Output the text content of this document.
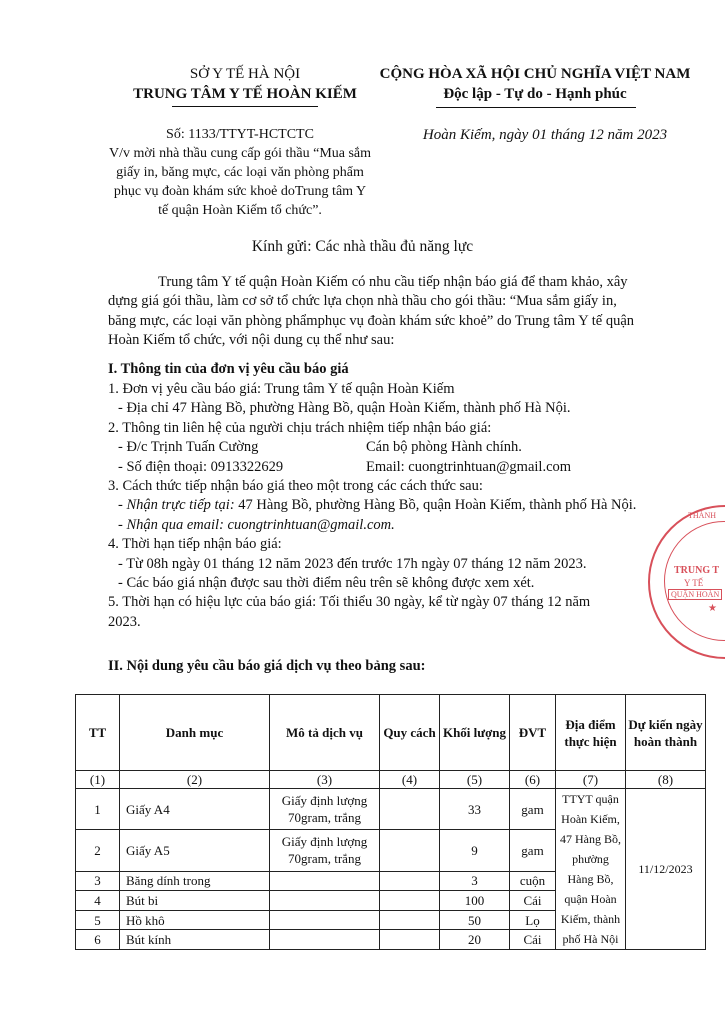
SỞ Y TẾ HÀ NỘI
TRUNG TÂM Y TẾ HOÀN KIẾM
CỘNG HÒA XÃ HỘI CHỦ NGHĨA VIỆT NAM
Độc lập - Tự do - Hạnh phúc
Số: 1133/TTYT-HCTCTC
V/v mời nhà thầu cung cấp gói thầu “Mua sắm
giấy in, băng mực, các loại văn phòng phẩm
phục vụ đoàn khám sức khoẻ doTrung tâm Y
tế quận Hoàn Kiếm tổ chức”.
Hoàn Kiếm, ngày 01 tháng 12 năm 2023
Kính gửi: Các nhà thầu đủ năng lực
Trung tâm Y tế quận Hoàn Kiếm có nhu cầu tiếp nhận báo giá để tham khảo, xây
dựng giá gói thầu, làm cơ sở tổ chức lựa chọn nhà thầu cho gói thầu: “Mua sắm giấy in,
băng mực, các loại văn phòng phẩmphục vụ đoàn khám sức khoẻ” do Trung tâm Y tế quận
Hoàn Kiếm tổ chức, với nội dung cụ thể như sau:
I. Thông tin của đơn vị yêu cầu báo giá
1. Đơn vị yêu cầu báo giá: Trung tâm Y tế quận Hoàn Kiếm
- Địa chỉ 47 Hàng Bồ, phường Hàng Bồ, quận Hoàn Kiếm, thành phố Hà Nội.
2. Thông tin liên hệ của người chịu trách nhiệm tiếp nhận báo giá:
- Đ/c Trịnh Tuấn Cường	Cán bộ phòng Hành chính.
- Số điện thoại: 0913322629	Email: cuongtrinhtuan@gmail.com
3. Cách thức tiếp nhận báo giá theo một trong các cách thức sau:
- Nhận trực tiếp tại: 47 Hàng Bồ, phường Hàng Bồ, quận Hoàn Kiếm, thành phố Hà Nội.
- Nhận qua email: cuongtrinhtuan@gmail.com.
4. Thời hạn tiếp nhận báo giá:
- Từ 08h ngày 01 tháng 12 năm 2023 đến trước 17h ngày 07 tháng 12 năm 2023.
- Các báo giá nhận được sau thời điểm nêu trên sẽ không được xem xét.
5. Thời hạn có hiệu lực của báo giá: Tối thiểu 30 ngày, kể từ ngày 07 tháng 12 năm
2023.
II. Nội dung yêu cầu báo giá dịch vụ theo bảng sau:
TT	Danh mục	Mô tả dịch vụ	Quy cách	Khối lượng	ĐVT	Địa điểm thực hiện	Dự kiến ngày hoàn thành
(1)	(2)	(3)	(4)	(5)	(6)	(7)	(8)
1	Giấy A4	Giấy định lượng 70gram, trắng		33	gam	TTYT quận Hoàn Kiếm, 47 Hàng Bồ, phường Hàng Bồ, quận Hoàn Kiếm, thành phố Hà Nội	11/12/2023
2	Giấy A5	Giấy định lượng 70gram, trắng		9	gam		
3	Băng dính trong			3	cuộn		
4	Bút bi			100	Cái		
5	Hồ khô			50	Lọ		
6	Bút kính			20	Cái		
THÀNH
TRUNG T
Y TẾ
QUẬN HOÀN
★
